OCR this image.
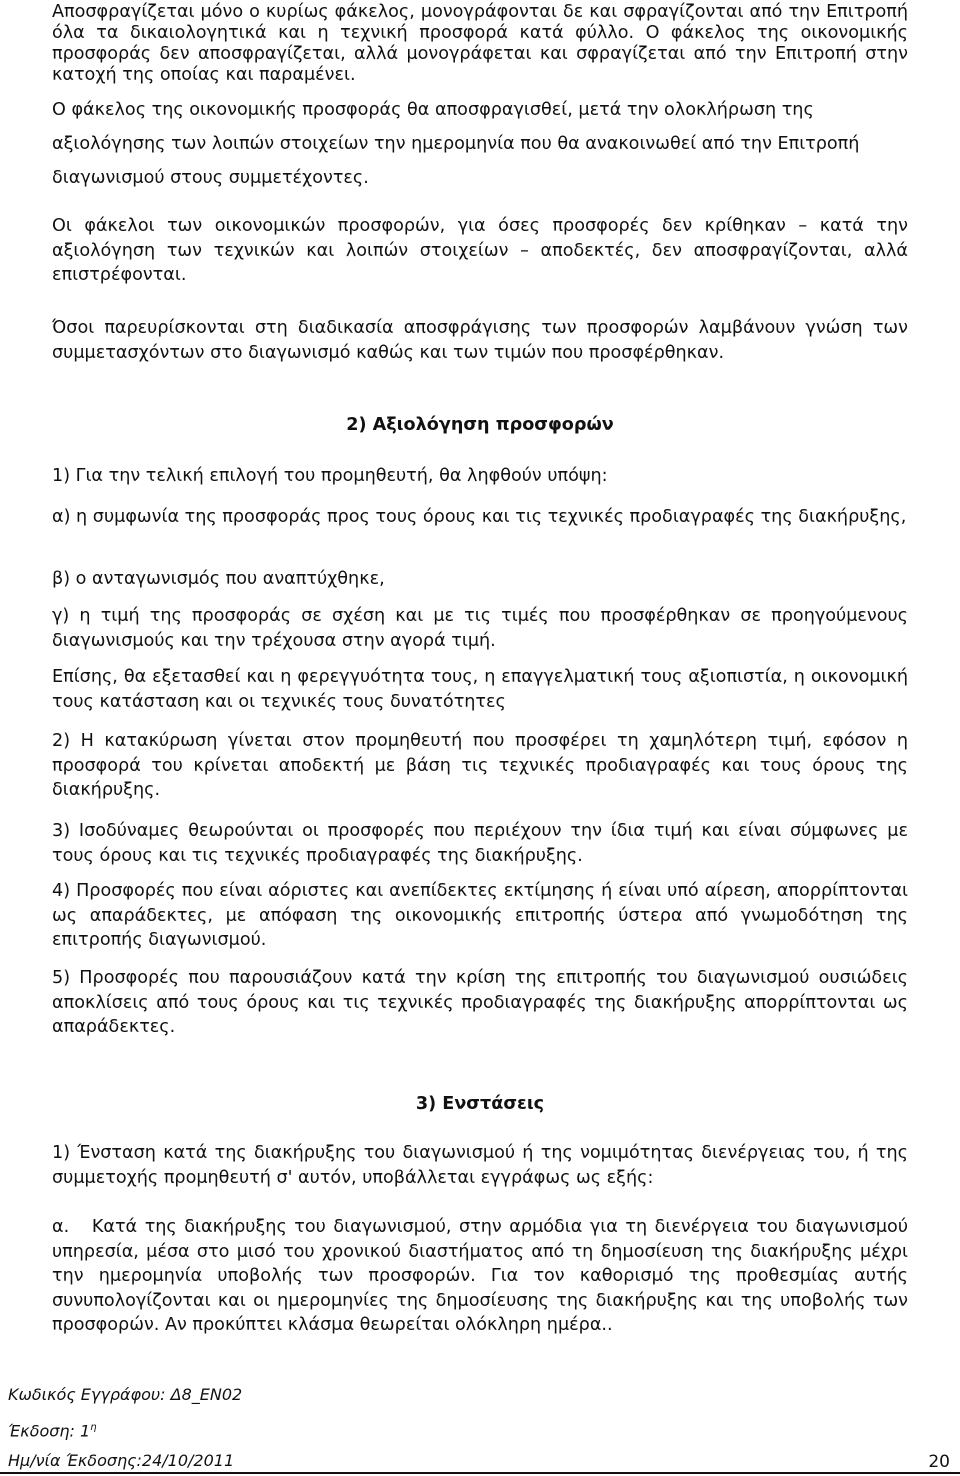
Αποσφραγίζεται μόνο ο κυρίως φάκελος, μονογράφονται δε και σφραγίζονται από την Επιτροπή όλα τα δικαιολογητικά και η τεχνική προσφορά κατά φύλλο. Ο φάκελος της οικονομικής προσφοράς δεν αποσφραγίζεται, αλλά μονογράφεται και σφραγίζεται από την Επιτροπή στην κατοχή της οποίας και παραμένει.

Ο φάκελος της οικονομικής προσφοράς θα αποσφραγισθεί, μετά την ολοκλήρωση της αξιολόγησης των λοιπών στοιχείων την ημερομηνία που θα ανακοινωθεί από την Επιτροπή διαγωνισμού στους συμμετέχοντες.

Οι φάκελοι των οικονομικών προσφορών, για όσες προσφορές δεν κρίθηκαν – κατά την αξιολόγηση των τεχνικών και λοιπών στοιχείων – αποδεκτές, δεν αποσφραγίζονται, αλλά επιστρέφονται.

Όσοι παρευρίσκονται στη διαδικασία αποσφράγισης των προσφορών λαμβάνουν γνώση των συμμετασχόντων στο διαγωνισμό καθώς και των τιμών που προσφέρθηκαν.

2) Αξιολόγηση προσφορών

1) Για την τελική επιλογή του προμηθευτή, θα ληφθούν υπόψη:

α) η συμφωνία της προσφοράς προς τους όρους και τις τεχνικές προδιαγραφές της διακήρυξης,

β) ο ανταγωνισμός που αναπτύχθηκε,

γ) η τιμή της προσφοράς σε σχέση και με τις τιμές που προσφέρθηκαν σε προηγούμενους διαγωνισμούς και την τρέχουσα στην αγορά τιμή.

Επίσης, θα εξετασθεί και η φερεγγυότητα τους, η επαγγελματική τους αξιοπιστία, η οικονομική τους κατάσταση και οι τεχνικές τους δυνατότητες

2) Η κατακύρωση γίνεται στον προμηθευτή που προσφέρει τη χαμηλότερη τιμή, εφόσον η προσφορά του κρίνεται αποδεκτή με βάση τις τεχνικές προδιαγραφές και τους όρους της διακήρυξης.

3) Ισοδύναμες θεωρούνται οι προσφορές που περιέχουν την ίδια τιμή και είναι σύμφωνες με τους όρους και τις τεχνικές προδιαγραφές της διακήρυξης.

4) Προσφορές που είναι αόριστες και ανεπίδεκτες εκτίμησης ή είναι υπό αίρεση, απορρίπτονται ως απαράδεκτες, με απόφαση της οικονομικής επιτροπής ύστερα από γνωμοδότηση της επιτροπής διαγωνισμού.

5) Προσφορές που παρουσιάζουν κατά την κρίση της επιτροπής του διαγωνισμού ουσιώδεις αποκλίσεις από τους όρους και τις τεχνικές προδιαγραφές της διακήρυξης απορρίπτονται ως απαράδεκτες.

3) Ενστάσεις

1) Ένσταση κατά της διακήρυξης του διαγωνισμού ή της νομιμότητας διενέργειας του, ή της συμμετοχής προμηθευτή σ' αυτόν, υποβάλλεται εγγράφως ως εξής:

α. Κατά της διακήρυξης του διαγωνισμού, στην αρμόδια για τη διενέργεια του διαγωνισμού υπηρεσία, μέσα στο μισό του χρονικού διαστήματος από τη δημοσίευση της διακήρυξης μέχρι την ημερομηνία υποβολής των προσφορών. Για τον καθορισμό της προθεσμίας αυτής συνυπολογίζονται και οι ημερομηνίες της δημοσίευσης της διακήρυξης και της υποβολής των προσφορών. Αν προκύπτει κλάσμα θεωρείται ολόκληρη ημέρα..

Κωδικός Εγγράφου: Δ8_ΕΝ02

Έκδοση: $1^\eta$

Ημ/νία Έκδοσης:24/10/2011	20
